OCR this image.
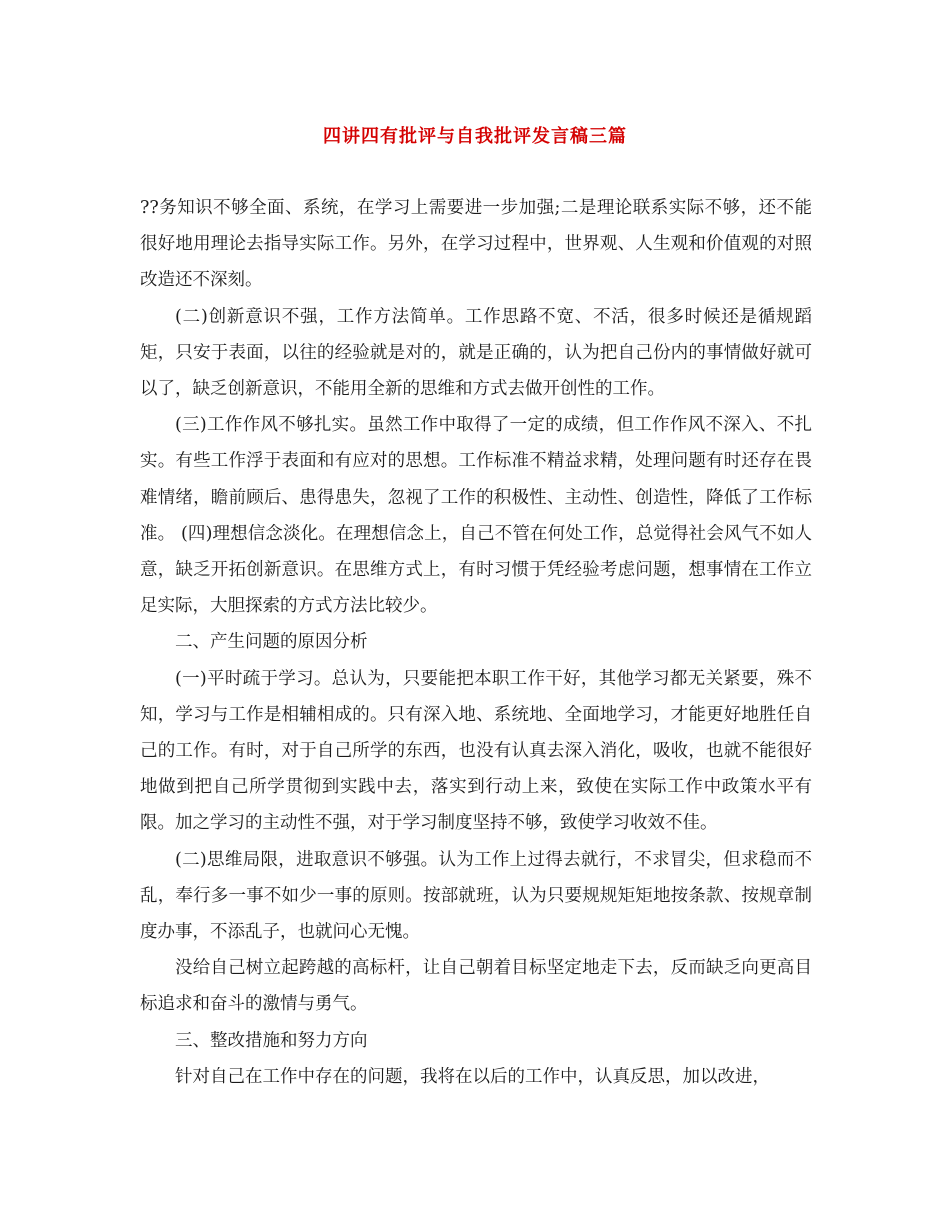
四讲四有批评与自我批评发言稿三篇

??务知识不够全面、系统，在学习上需要进一步加强;二是理论联系实际不够，还不能很好地用理论去指导实际工作。另外，在学习过程中，世界观、人生观和价值观的对照改造还不深刻。

(二)创新意识不强，工作方法简单。工作思路不宽、不活，很多时候还是循规蹈矩，只安于表面，以往的经验就是对的，就是正确的，认为把自己份内的事情做好就可以了，缺乏创新意识，不能用全新的思维和方式去做开创性的工作。

(三)工作作风不够扎实。虽然工作中取得了一定的成绩，但工作作风不深入、不扎实。有些工作浮于表面和有应对的思想。工作标准不精益求精，处理问题有时还存在畏难情绪，瞻前顾后、患得患失，忽视了工作的积极性、主动性、创造性，降低了工作标准。 (四)理想信念淡化。在理想信念上，自己不管在何处工作，总觉得社会风气不如人意，缺乏开拓创新意识。在思维方式上，有时习惯于凭经验考虑问题，想事情在工作立足实际，大胆探索的方式方法比较少。

二、产生问题的原因分析

(一)平时疏于学习。总认为，只要能把本职工作干好，其他学习都无关紧要，殊不知，学习与工作是相辅相成的。只有深入地、系统地、全面地学习，才能更好地胜任自己的工作。有时，对于自己所学的东西，也没有认真去深入消化，吸收，也就不能很好地做到把自己所学贯彻到实践中去，落实到行动上来，致使在实际工作中政策水平有限。加之学习的主动性不强，对于学习制度坚持不够，致使学习收效不佳。

(二)思维局限，进取意识不够强。认为工作上过得去就行，不求冒尖，但求稳而不乱，奉行多一事不如少一事的原则。按部就班，认为只要规规矩矩地按条款、按规章制度办事，不添乱子，也就问心无愧。

没给自己树立起跨越的高标杆，让自己朝着目标坚定地走下去，反而缺乏向更高目标追求和奋斗的激情与勇气。

三、整改措施和努力方向

针对自己在工作中存在的问题，我将在以后的工作中，认真反思，加以改进，
